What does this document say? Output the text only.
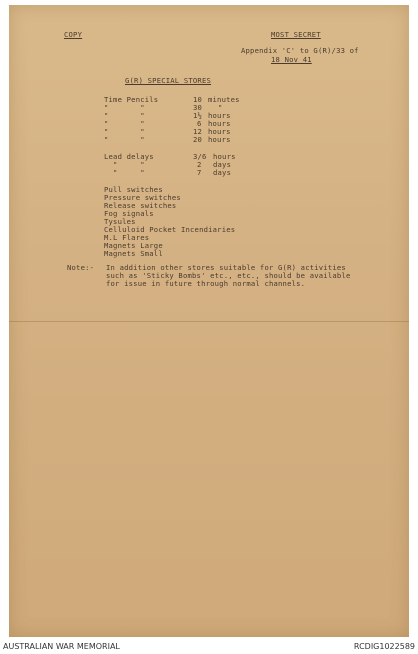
COPY	MOST SECRET
Appendix 'C' to G(R)/33 of
18 Nov 41
G(R) SPECIAL STORES
Time Pencils	10 minutes
"       "	30 "
"       "	1½ hours
"       "	6 hours
"       "	12 hours
"       "	20 hours
Lead delays	3/6 hours
"     "	2 days
"     "	7 days
Pull switches
Pressure switches
Release switches
Fog signals
Tysules
Celluloid Pocket Incendiaries
M.L Flares
Magnets Large
Magnets Small
Note:- In addition other stores suitable for G(R) activities
such as 'Sticky Bombs' etc., etc., should be available
for issue in future through normal channels.
AUSTRALIAN WAR MEMORIAL	RCDIG1022589
